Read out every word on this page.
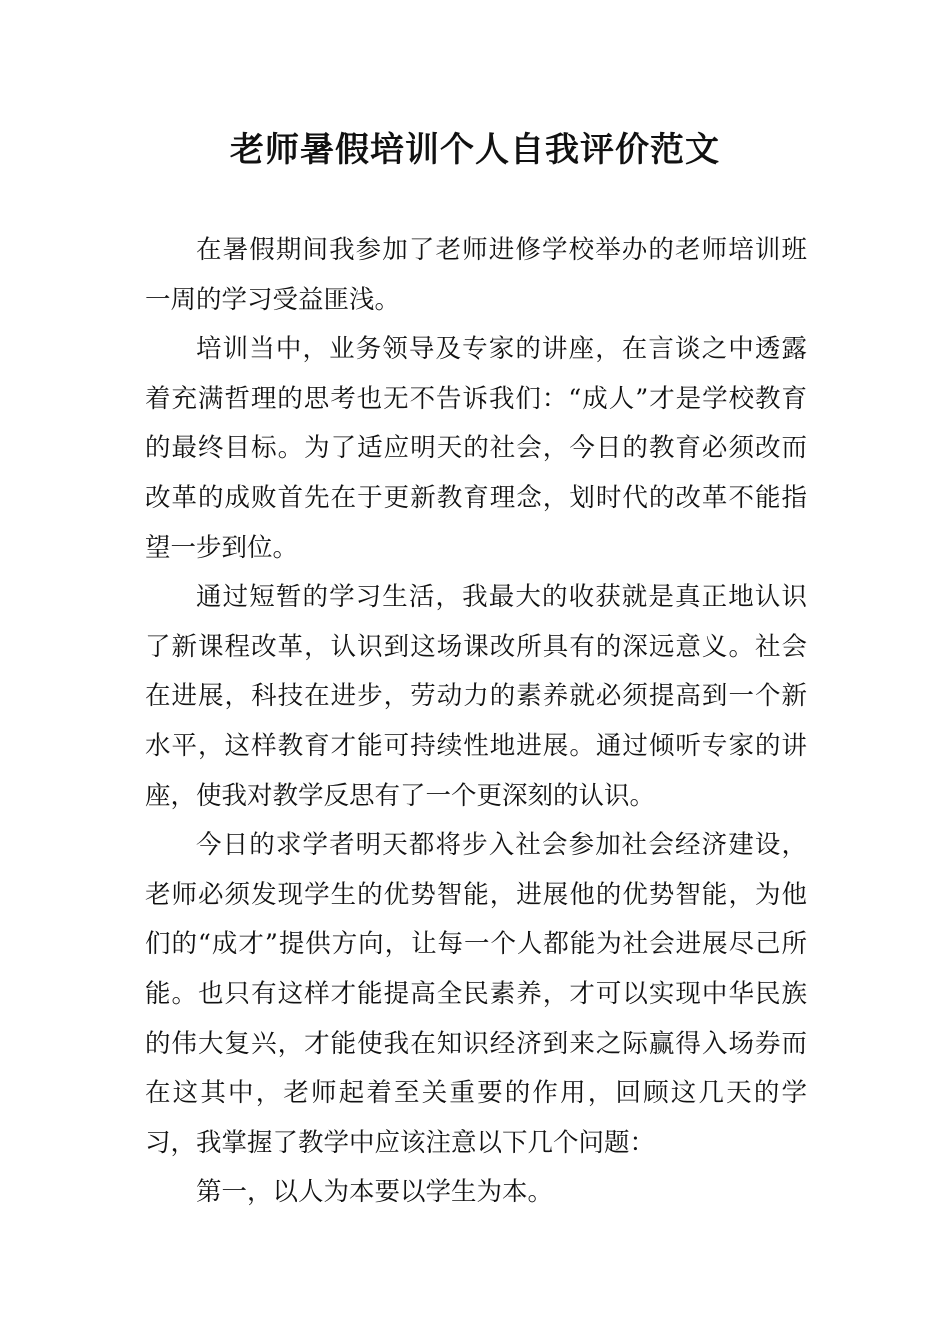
老师暑假培训个人自我评价范文

在暑假期间我参加了老师进修学校举办的老师培训班一周的学习受益匪浅。

培训当中，业务领导及专家的讲座，在言谈之中透露着充满哲理的思考也无不告诉我们：“成人”才是学校教育的最终目标。为了适应明天的社会，今日的教育必须改而改革的成败首先在于更新教育理念，划时代的改革不能指望一步到位。

通过短暂的学习生活，我最大的收获就是真正地认识了新课程改革，认识到这场课改所具有的深远意义。社会在进展，科技在进步，劳动力的素养就必须提高到一个新水平，这样教育才能可持续性地进展。通过倾听专家的讲座，使我对教学反思有了一个更深刻的认识。

今日的求学者明天都将步入社会参加社会经济建设，老师必须发现学生的优势智能，进展他的优势智能，为他们的“成才”提供方向，让每一个人都能为社会进展尽己所能。也只有这样才能提高全民素养，才可以实现中华民族的伟大复兴，才能使我在知识经济到来之际赢得入场券而在这其中，老师起着至关重要的作用，回顾这几天的学习，我掌握了教学中应该注意以下几个问题：

第一，以人为本要以学生为本。
